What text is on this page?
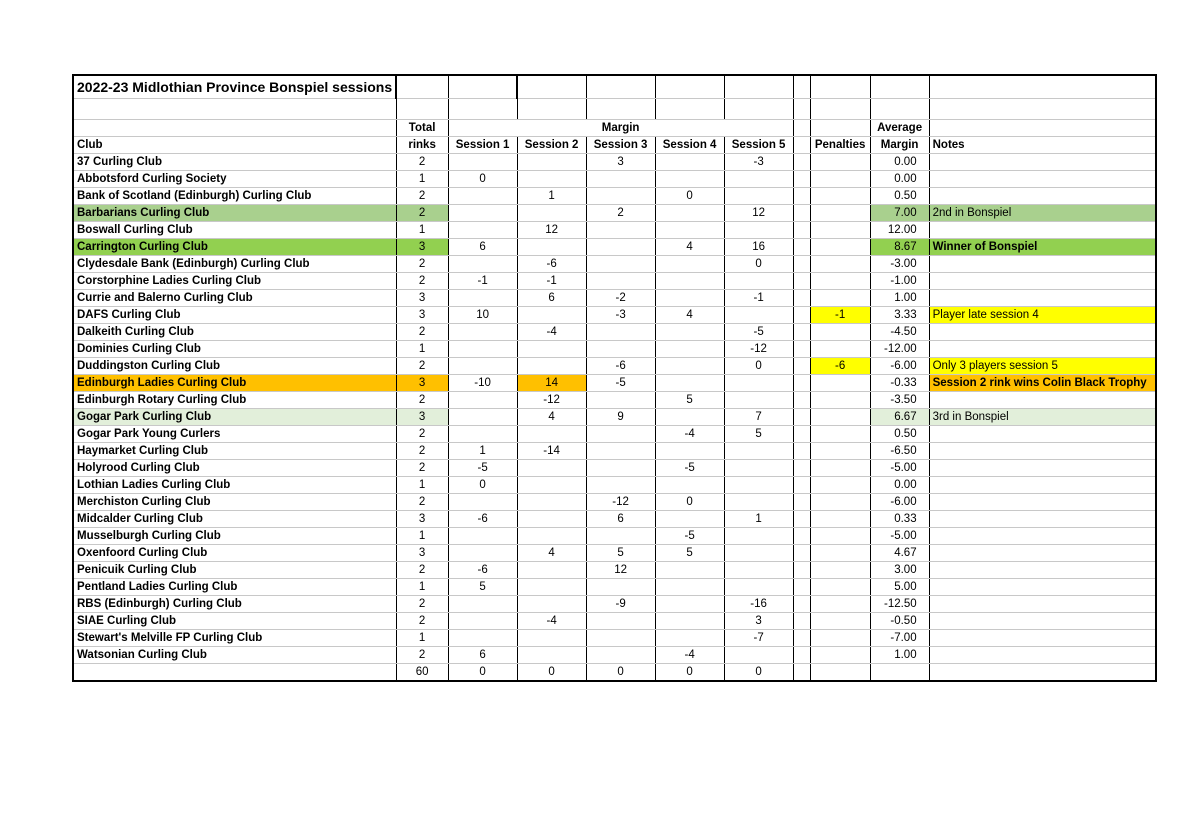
2022-23 Midlothian Province Bonspiel sessions										

	Total	Margin							Average	
Club	rinks	Session 1	Session 2	Session 3	Session 4	Session 5		Penalties	Margin	Notes
37 Curling Club	2			3		-3			0.00	
Abbotsford Curling Society	1	0							0.00	
Bank of Scotland (Edinburgh) Curling Club	2		1		0				0.50	
Barbarians Curling Club	2			2		12			7.00	2nd in Bonspiel
Boswall Curling Club	1		12						12.00	
Carrington Curling Club	3	6			4	16			8.67	Winner of Bonspiel
Clydesdale Bank (Edinburgh) Curling Club	2		-6			0			-3.00	
Corstorphine Ladies Curling Club	2	-1	-1						-1.00	
Currie and Balerno Curling Club	3		6	-2		-1			1.00	
DAFS Curling Club	3	10		-3	4			-1	3.33	Player late session 4
Dalkeith Curling Club	2		-4			-5			-4.50	
Dominies Curling Club	1					-12			-12.00	
Duddingston Curling Club	2			-6		0		-6	-6.00	Only 3 players session 5
Edinburgh Ladies Curling Club	3	-10	14	-5					-0.33	Session 2 rink wins Colin Black Trophy
Edinburgh Rotary Curling Club	2		-12		5				-3.50	
Gogar Park Curling Club	3		4	9		7			6.67	3rd in Bonspiel
Gogar Park Young Curlers	2				-4	5			0.50	
Haymarket Curling Club	2	1	-14						-6.50	
Holyrood Curling Club	2	-5			-5				-5.00	
Lothian Ladies Curling Club	1	0							0.00	
Merchiston Curling Club	2			-12	0				-6.00	
Midcalder Curling Club	3	-6		6		1			0.33	
Musselburgh Curling Club	1				-5				-5.00	
Oxenfoord Curling Club	3		4	5	5				4.67	
Penicuik Curling Club	2	-6		12					3.00	
Pentland Ladies Curling Club	1	5							5.00	
RBS (Edinburgh) Curling Club	2			-9		-16			-12.50	
SIAE Curling Club	2		-4			3			-0.50	
Stewart's Melville FP Curling Club	1					-7			-7.00	
Watsonian Curling Club	2	6			-4				1.00	
	60	0	0	0	0	0				
